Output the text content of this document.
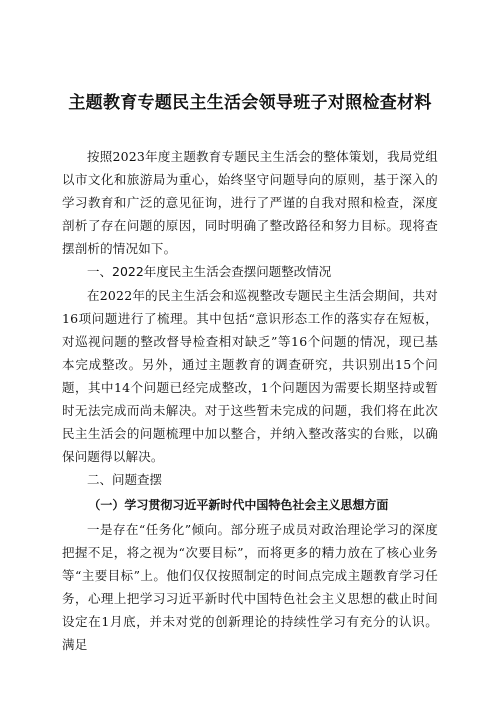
主题教育专题民主生活会领导班子对照检查材料

按照2023年度主题教育专题民主生活会的整体策划，我局党组以市文化和旅游局为重心，始终坚守问题导向的原则，基于深入的学习教育和广泛的意见征询，进行了严谨的自我对照和检查，深度剖析了存在问题的原因，同时明确了整改路径和努力目标。现将查摆剖析的情况如下。

一、2022年度民主生活会查摆问题整改情况

在2022年的民主生活会和巡视整改专题民主生活会期间，共对16项问题进行了梳理。其中包括“意识形态工作的落实存在短板，对巡视问题的整改督导检查相对缺乏”等16个问题的情况，现已基本完成整改。另外，通过主题教育的调查研究，共识别出15个问题，其中14个问题已经完成整改，1个问题因为需要长期坚持或暂时无法完成而尚未解决。对于这些暂未完成的问题，我们将在此次民主生活会的问题梳理中加以整合，并纳入整改落实的台账，以确保问题得以解决。

二、问题查摆

（一）学习贯彻习近平新时代中国特色社会主义思想方面

一是存在“任务化”倾向。部分班子成员对政治理论学习的深度把握不足，将之视为“次要目标”，而将更多的精力放在了核心业务等“主要目标”上。他们仅仅按照制定的时间点完成主题教育学习任务，心理上把学习习近平新时代中国特色社会主义思想的截止时间设定在1月底，并未对党的创新理论的持续性学习有充分的认识。满足
